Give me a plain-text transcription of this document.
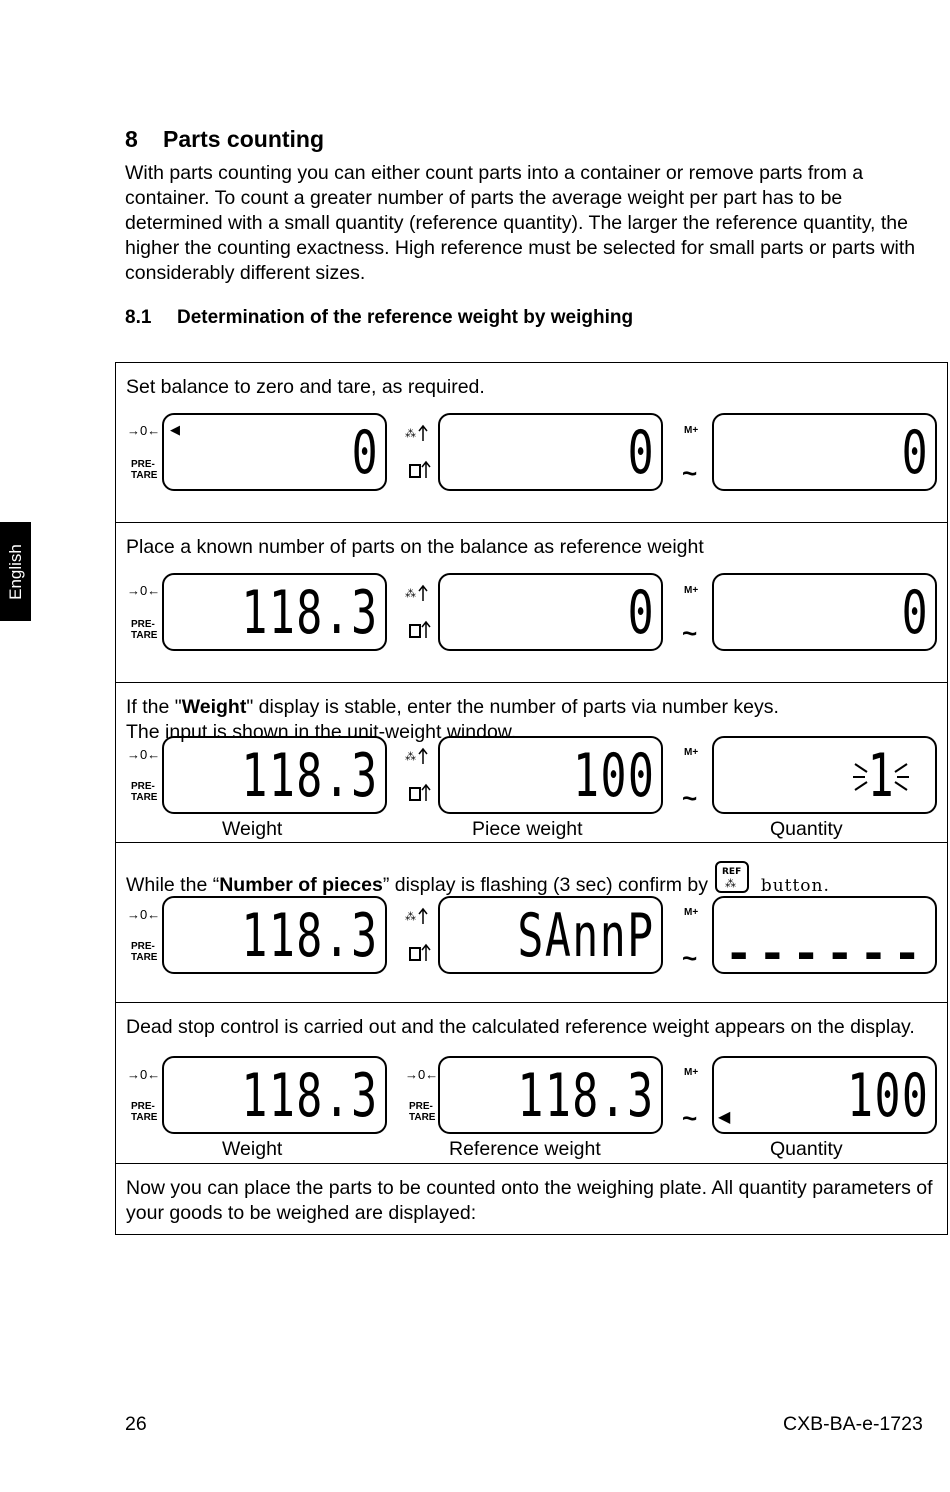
English
8 Parts counting

With parts counting you can either count parts into a container or remove parts from a container. To count a greater number of parts the average weight per part has to be determined with a small quantity (reference quantity). The larger the reference quantity, the higher the counting exactness. High reference must be selected for small parts or parts with considerably different sizes.

8.1 Determination of the reference weight by weighing
Set balance to zero and tare, as required.
→0← ◀
PRE-
TARE	0 ⁂	0	M+
~	0
Place a known number of parts on the balance as reference weight
→0←
PRE-
TARE 118.3 ⁂	0	M+
~	0
If the "Weight" display is stable, enter the number of parts via number keys.
The input is shown in the unit-weight window.
→0←
PRE-
TARE 118.3 ⁂	100	M+
~	1
Weight	Piece weight	Quantity
While the “Number of pieces” display is flashing (3 sec) confirm by
REF
⁂ button.
→0←
PRE-
TARE 118.3 ⁂ SAnnP	M+
~ ------
Dead stop control is carried out and the calculated reference weight appears on the display.
→0←
PRE-
TARE 118.3 →0←
PRE-
TARE 118.3	M+
~ ◀ 100
Weight	Reference weight	Quantity
Now you can place the parts to be counted onto the weighing plate. All quantity parameters of your goods to be weighed are displayed:
26	CXB-BA-e-1723
